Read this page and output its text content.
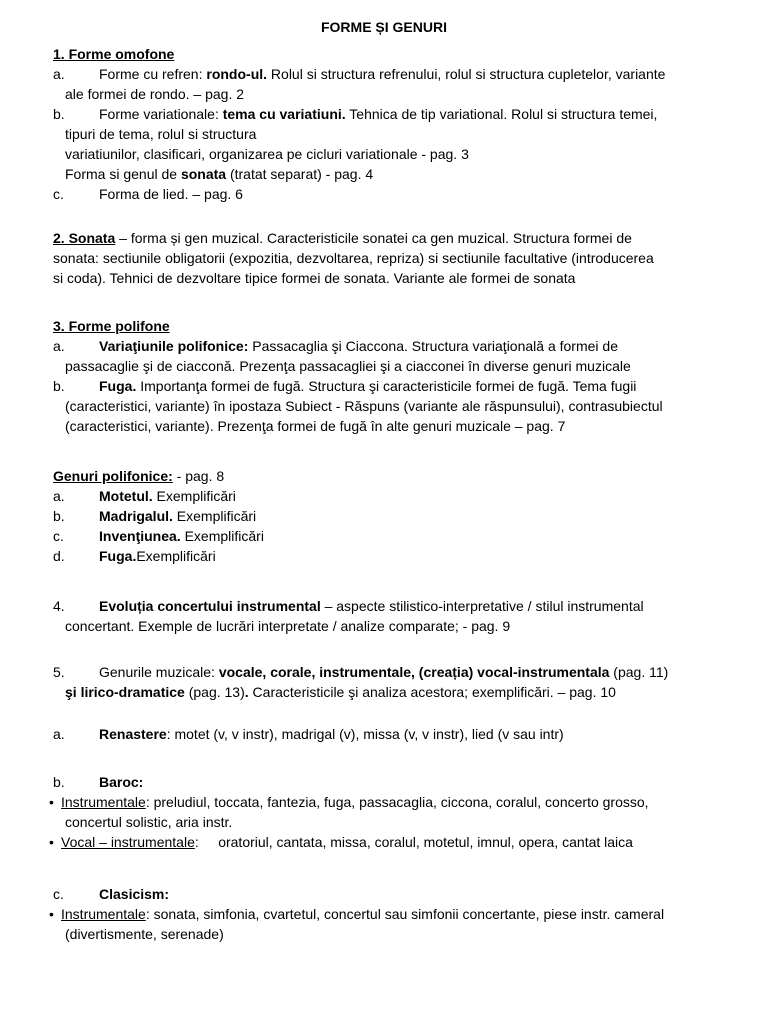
FORME ȘI GENURI
1. Forme omofone
a. Forme cu refren: rondo-ul. Rolul si structura refrenului, rolul si structura cupletelor, variante
ale formei de rondo. – pag. 2
b. Forme variationale: tema cu variatiuni. Tehnica de tip variational. Rolul si structura temei,
tipuri de tema, rolul si structura
variatiunilor, clasificari, organizarea pe cicluri variationale - pag. 3
Forma si genul de sonata (tratat separat) - pag. 4
c.	Forma de lied. – pag. 6
2. Sonata – forma și gen muzical. Caracteristicile sonatei ca gen muzical. Structura formei de
sonata: sectiunile obligatorii (expozitia, dezvoltarea, repriza) si sectiunile facultative (introducerea
si coda). Tehnici de dezvoltare tipice formei de sonata. Variante ale formei de sonata
3. Forme polifone
a. Variaţiunile polifonice: Passacaglia şi Ciaccona. Structura variaţională a formei de
passacaglie şi de ciacconă. Prezenţa passacagliei şi a ciacconei în diverse genuri muzicale
b. Fuga. Importanţa formei de fugă. Structura şi caracteristicile formei de fugă. Tema fugii
(caracteristici, variante) în ipostaza Subiect - Răspuns (variante ale răspunsului), contrasubiectul
(caracteristici, variante). Prezenţa formei de fugă în alte genuri muzicale – pag. 7
Genuri polifonice: - pag. 8
a. Motetul. Exemplificări
b. Madrigalul. Exemplificări
c.	Invenţiunea. Exemplificări
d. Fuga.Exemplificări
4. Evoluția concertului instrumental – aspecte stilistico-interpretative / stilul instrumental
concertant. Exemple de lucrări interpretate / analize comparate; - pag. 9
5. Genurile muzicale: vocale, corale, instrumentale, (creația) vocal-instrumentala (pag. 11)
şi lirico-dramatice (pag. 13). Caracteristicile şi analiza acestora; exemplificări. – pag. 10
a. Renastere: motet (v, v instr), madrigal (v), missa (v, v instr), lied (v sau intr)
b. Baroc:
• Instrumentale: preludiul, toccata, fantezia, fuga, passacaglia, ciccona, coralul, concerto grosso,
concertul solistic, aria instr.
• Vocal – instrumentale:     oratoriul, cantata, missa, coralul, motetul, imnul, opera, cantat laica
c.	Clasicism:
• Instrumentale: sonata, simfonia, cvartetul, concertul sau simfonii concertante, piese instr. cameral
(divertismente, serenade)
